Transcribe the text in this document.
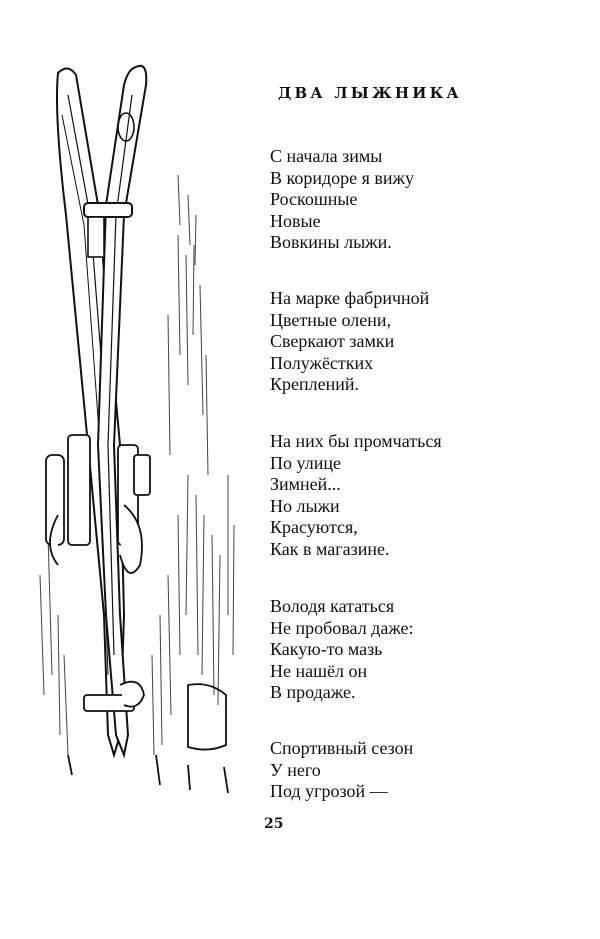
ДВА ЛЫЖНИКА
С начала зимы
В коридоре я вижу
Роскошные
Новые
Вовкины лыжи.
На марке фабричной
Цветные олени,
Сверкают замки
Полужёстких
Креплений.
На них бы промчаться
По улице
Зимней...
Но лыжи
Красуются,
Как в магазине.
Володя кататься
Не пробовал даже:
Какую-то мазь
Не нашёл он
В продаже.
Спортивный сезон
У него
Под угрозой —
25
